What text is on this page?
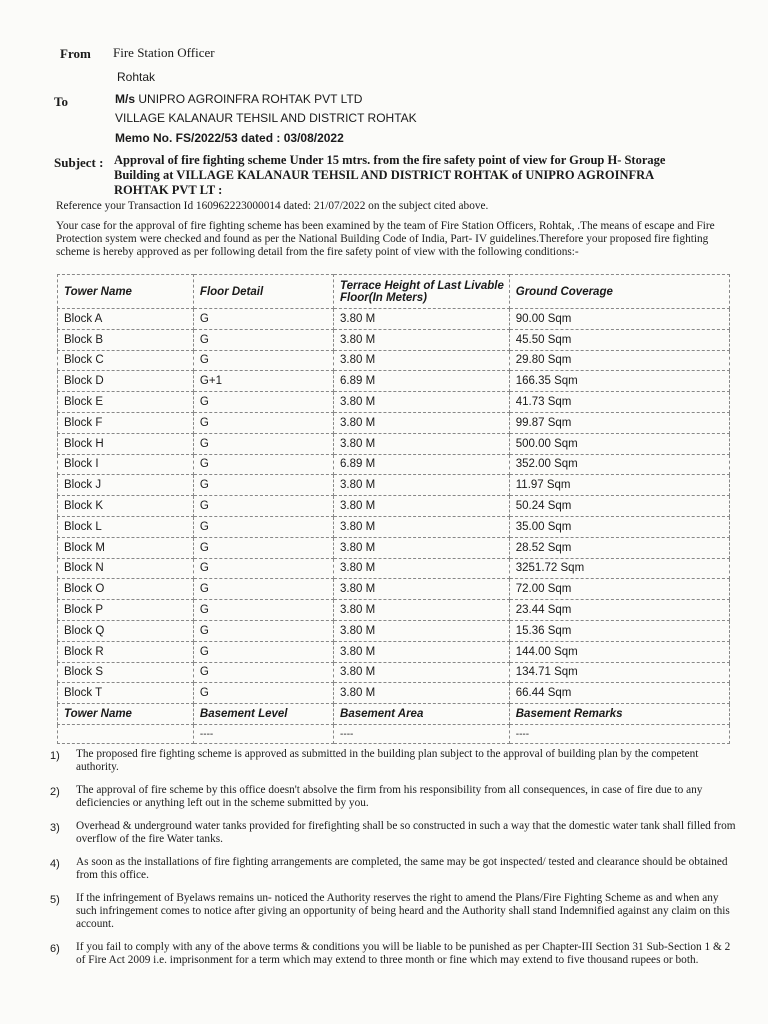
From Fire Station Officer
Rohtak
To	M/s UNIPRO AGROINFRA ROHTAK PVT LTD
VILLAGE KALANAUR TEHSIL AND DISTRICT ROHTAK
Memo No. FS/2022/53 dated : 03/08/2022
Subject : Approval of fire fighting scheme Under 15 mtrs. from the fire safety point of view for Group H- Storage Building at VILLAGE KALANAUR TEHSIL AND DISTRICT ROHTAK of UNIPRO AGROINFRA ROHTAK PVT LT :
Reference your Transaction Id 160962223000014 dated: 21/07/2022 on the subject cited above.
Your case for the approval of fire fighting scheme has been examined by the team of Fire Station Officers, Rohtak, .The means of escape and Fire Protection system were checked and found as per the National Building Code of India, Part- IV guidelines.Therefore your proposed fire fighting scheme is hereby approved as per following detail from the fire safety point of view with the following conditions:-
Tower Name	Floor Detail	Terrace Height of Last Livable Floor(In Meters)	Ground Coverage
Block A	G	3.80 M	90.00 Sqm
Block B	G	3.80 M	45.50 Sqm
Block C	G	3.80 M	29.80 Sqm
Block D	G+1	6.89 M	166.35 Sqm
Block E	G	3.80 M	41.73 Sqm
Block F	G	3.80 M	99.87 Sqm
Block H	G	3.80 M	500.00 Sqm
Block I	G	6.89 M	352.00 Sqm
Block J	G	3.80 M	11.97 Sqm
Block K	G	3.80 M	50.24 Sqm
Block L	G	3.80 M	35.00 Sqm
Block M	G	3.80 M	28.52 Sqm
Block N	G	3.80 M	3251.72 Sqm
Block O	G	3.80 M	72.00 Sqm
Block P	G	3.80 M	23.44 Sqm
Block Q	G	3.80 M	15.36 Sqm
Block R	G	3.80 M	144.00 Sqm
Block S	G	3.80 M	134.71 Sqm
Block T	G	3.80 M	66.44 Sqm
Tower Name	Basement Level	Basement Area	Basement Remarks
	----	----	----
1) The proposed fire fighting scheme is approved as submitted in the building plan subject to the approval of building plan by the competent authority.
2) The approval of fire scheme by this office doesn't absolve the firm from his responsibility from all consequences, in case of fire due to any deficiencies or anything left out in the scheme submitted by you.
3) Overhead & underground water tanks provided for firefighting shall be so constructed in such a way that the domestic water tank shall filled from overflow of the fire Water tanks.
4) As soon as the installations of fire fighting arrangements are completed, the same may be got inspected/ tested and clearance should be obtained from this office.
5) If the infringement of Byelaws remains un- noticed the Authority reserves the right to amend the Plans/Fire Fighting Scheme as and when any such infringement comes to notice after giving an opportunity of being heard and the Authority shall stand Indemnified against any claim on this account.
6) If you fail to comply with any of the above terms & conditions you will be liable to be punished as per Chapter-III Section 31 Sub-Section 1 & 2 of Fire Act 2009 i.e. imprisonment for a term which may extend to three month or fine which may extend to five thousand rupees or both.
